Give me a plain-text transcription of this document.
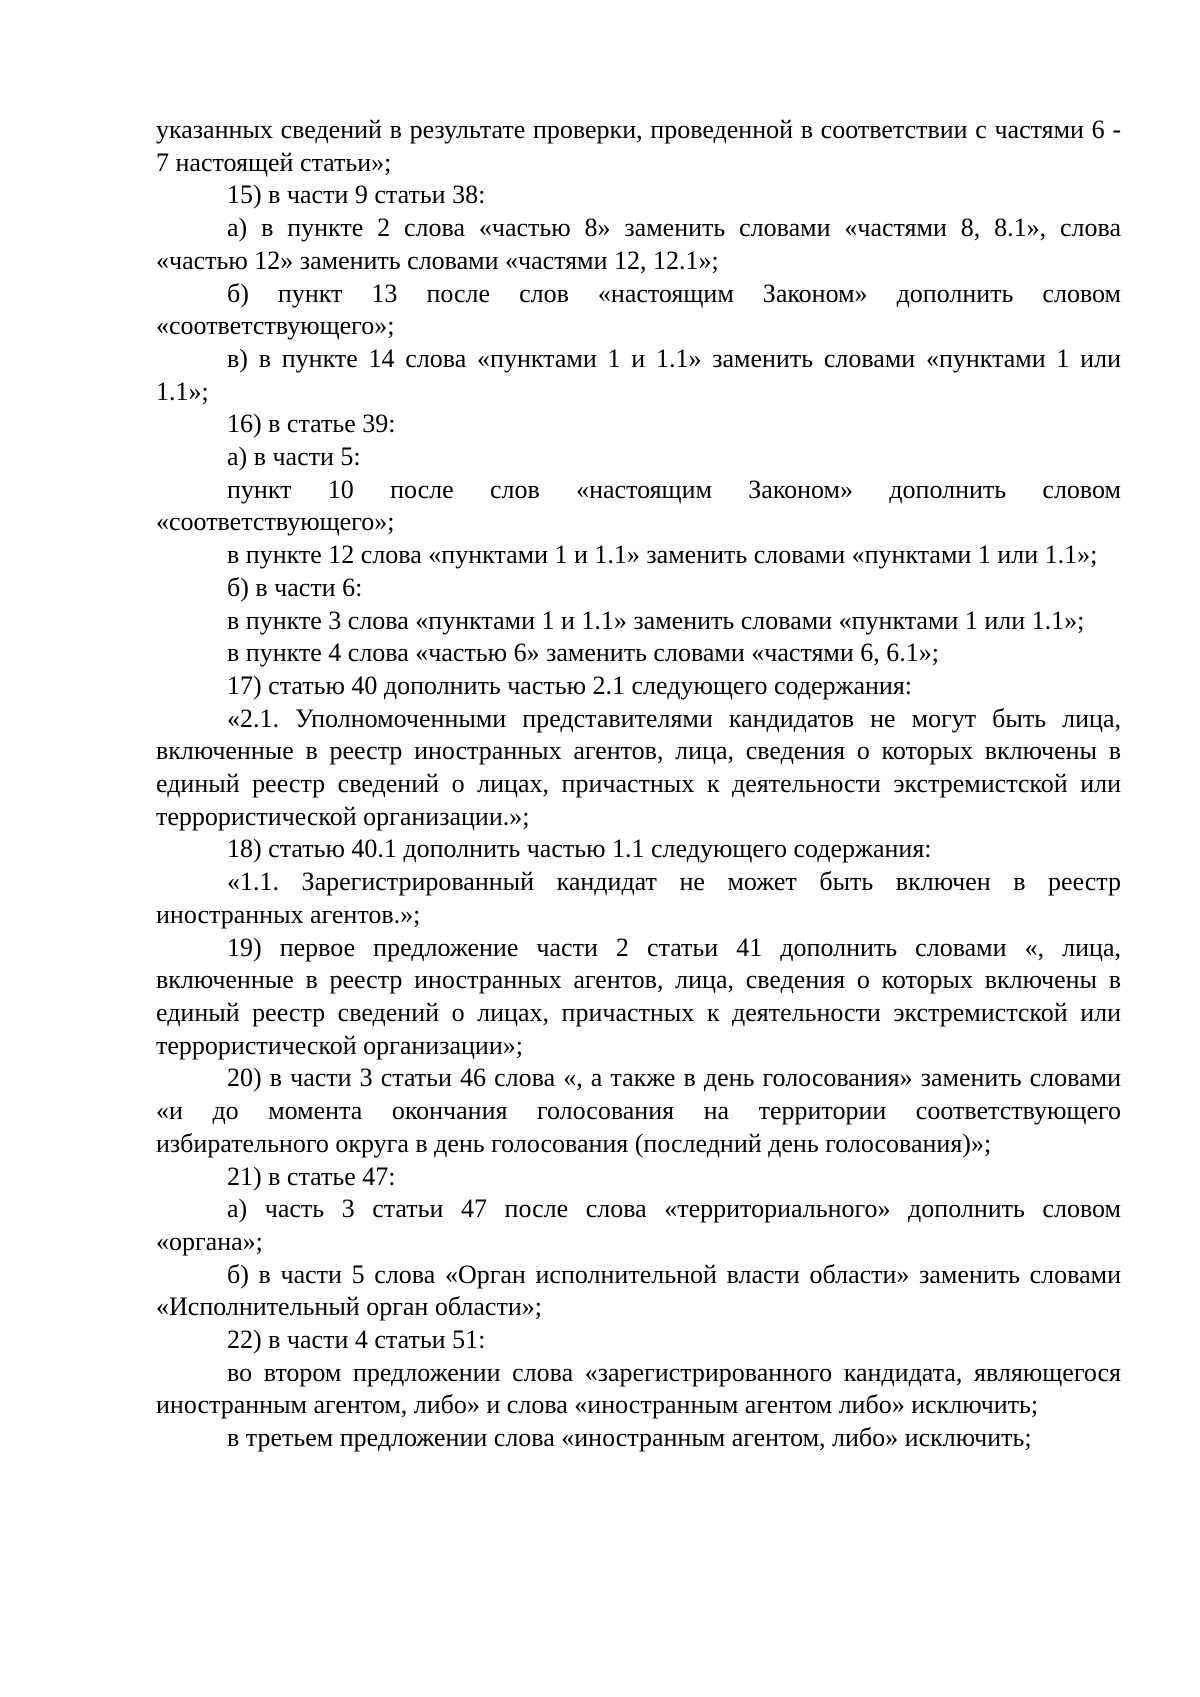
указанных сведений в результате проверки, проведенной в соответствии с частями 6 - 7 настоящей статьи»;

15) в части 9 статьи 38:

а) в пункте 2 слова «частью 8» заменить словами «частями 8, 8.1», слова «частью 12» заменить словами «частями 12, 12.1»;

б) пункт 13 после слов «настоящим Законом» дополнить словом «соответствующего»;

в) в пункте 14 слова «пунктами 1 и 1.1» заменить словами «пунктами 1 или 1.1»;

16) в статье 39:

а) в части 5:

пункт 10 после слов «настоящим Законом» дополнить словом «соответствующего»;

в пункте 12 слова «пунктами 1 и 1.1» заменить словами «пунктами 1 или 1.1»;

б) в части 6:

в пункте 3 слова «пунктами 1 и 1.1» заменить словами «пунктами 1 или 1.1»;

в пункте 4 слова «частью 6» заменить словами «частями 6, 6.1»;

17) статью 40 дополнить частью 2.1 следующего содержания:

«2.1. Уполномоченными представителями кандидатов не могут быть лица, включенные в реестр иностранных агентов, лица, сведения о которых включены в единый реестр сведений о лицах, причастных к деятельности экстремистской или террористической организации.»;

18) статью 40.1 дополнить частью 1.1 следующего содержания:

«1.1. Зарегистрированный кандидат не может быть включен в реестр иностранных агентов.»;

19) первое предложение части 2 статьи 41 дополнить словами «, лица, включенные в реестр иностранных агентов, лица, сведения о которых включены в единый реестр сведений о лицах, причастных к деятельности экстремистской или террористической организации»;

20) в части 3 статьи 46 слова «, а также в день голосования» заменить словами «и до момента окончания голосования на территории соответствующего избирательного округа в день голосования (последний день голосования)»;

21) в статье 47:

а) часть 3 статьи 47 после слова «территориального» дополнить словом «органа»;

б) в части 5 слова «Орган исполнительной власти области» заменить словами «Исполнительный орган области»;

22) в части 4 статьи 51:

во втором предложении слова «зарегистрированного кандидата, являющегося иностранным агентом, либо» и слова «иностранным агентом либо» исключить;

в третьем предложении слова «иностранным агентом, либо» исключить;
